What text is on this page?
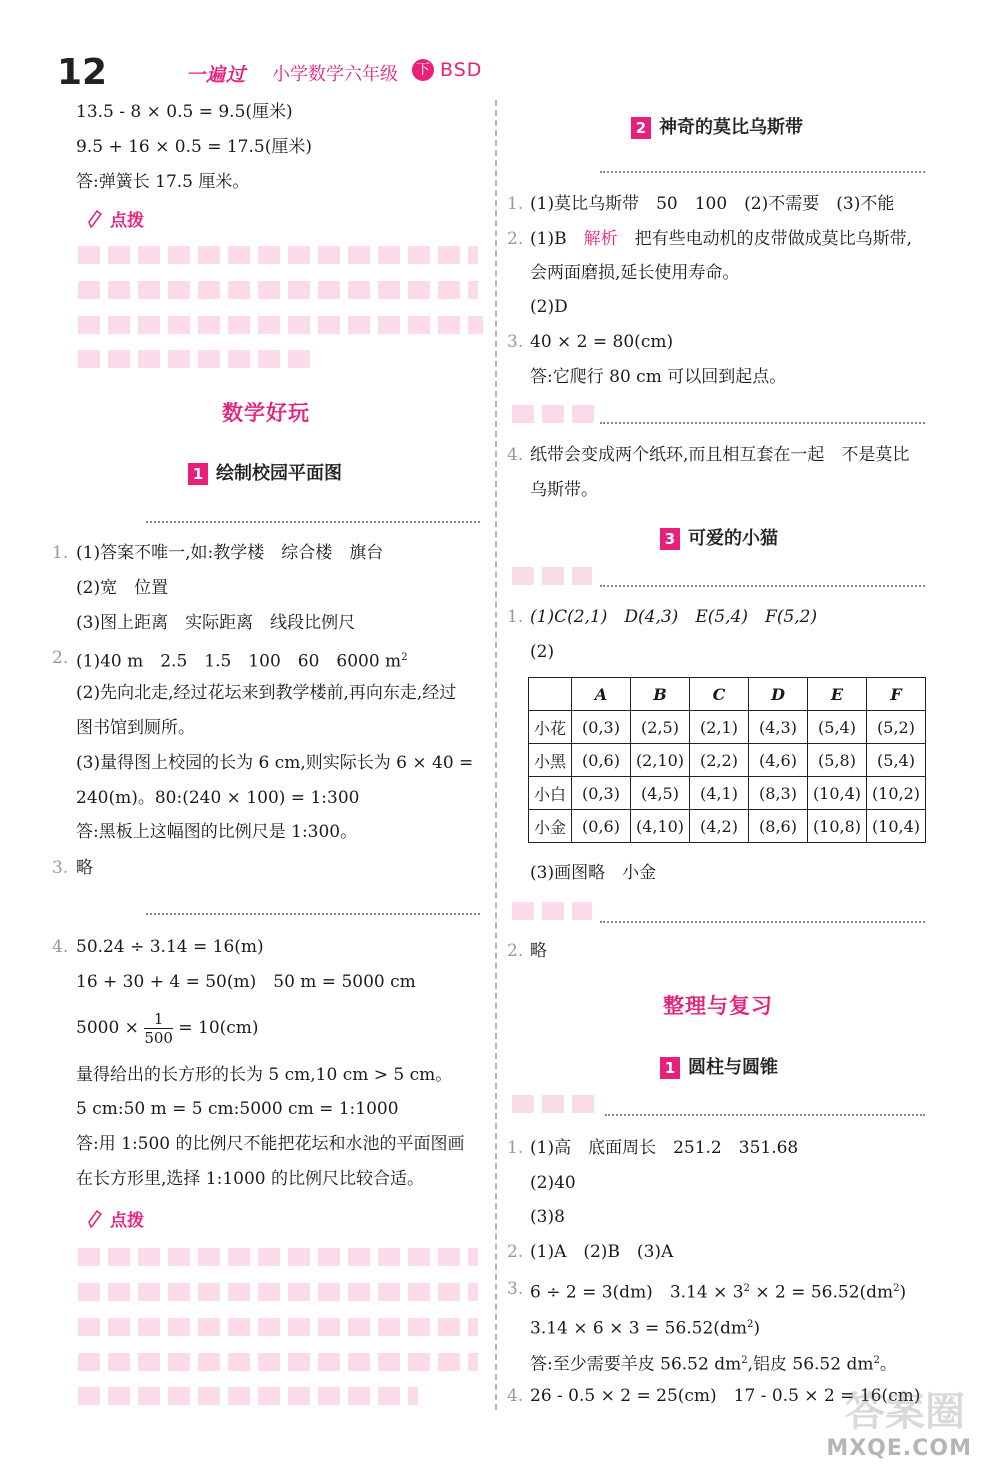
12	一遍过 小学数学六年级 下 BSD
13.5 - 8 × 0.5 = 9.5(厘米)
9.5 + 16 × 0.5 = 17.5(厘米)
答:弹簧长 17.5 厘米。
点拨
数学好玩
1 绘制校园平面图
1. (1)答案不唯一,如:教学楼　综合楼　旗台
(2)宽　位置
(3)图上距离　实际距离　线段比例尺
2. (1)40 m　2.5　1.5　100　60　6000 $m^2$
(2)先向北走,经过花坛来到教学楼前,再向东走,经过
图书馆到厕所。
(3)量得图上校园的长为 6 cm,则实际长为 6 × 40 =
240(m)。80:(240 × 100) = 1:300
答:黑板上这幅图的比例尺是 1:300。
3. 略
4. 50.24 ÷ 3.14 = 16(m)
16 + 30 + 4 = 50(m)　50 m = 5000 cm
$5000 \times \frac{1}{500} = 10(cm)$
量得给出的长方形的长为 5 cm,10 cm > 5 cm。
5 cm:50 m = 5 cm:5000 cm = 1:1000
答:用 1:500 的比例尺不能把花坛和水池的平面图画
在长方形里,选择 1:1000 的比例尺比较合适。
点拨
2 神奇的莫比乌斯带
1. (1)莫比乌斯带　50　100　(2)不需要　(3)不能
2. (1)B　 解析　 把有些电动机的皮带做成莫比乌斯带,
会两面磨损,延长使用寿命。
(2)D
3. 40 × 2 = 80(cm)
答:它爬行 80 cm 可以回到起点。
4. 纸带会变成两个纸环,而且相互套在一起　不是莫比
乌斯带。
3 可爱的小猫
1. (1)C(2,1)　D(4,3)　E(5,4)　F(5,2)
(2)
	A	B	C	D	E	F
小花	(0,3)	(2,5)	(2,1)	(4,3)	(5,4)	(5,2)
小黑	(0,6)	(2,10)	(2,2)	(4,6)	(5,8)	(5,4)
小白	(0,3)	(4,5)	(4,1)	(8,3)	(10,4)	(10,2)
小金	(0,6)	(4,10)	(4,2)	(8,6)	(10,8)	(10,4)
(3)画图略　小金
2. 略
整理与复习
1 圆柱与圆锥
1. (1)高　底面周长　251.2　351.68
(2)40
(3)8
2. (1)A　(2)B　(3)A
3. 6 ÷ 2 = 3(dm)　$3.14 \times 3^2 \times 2 = 56.52(dm^2)$
$3.14 \times 6 \times 3 = 56.52(dm^2)$
答:至少需要羊皮 56.52 $dm^2$,铝皮 56.52 $dm^2$。
4. 26 - 0.5 × 2 = 25(cm)　17 - 0.5 × 2 = 16(cm)
答案圈
MXQE.COM
